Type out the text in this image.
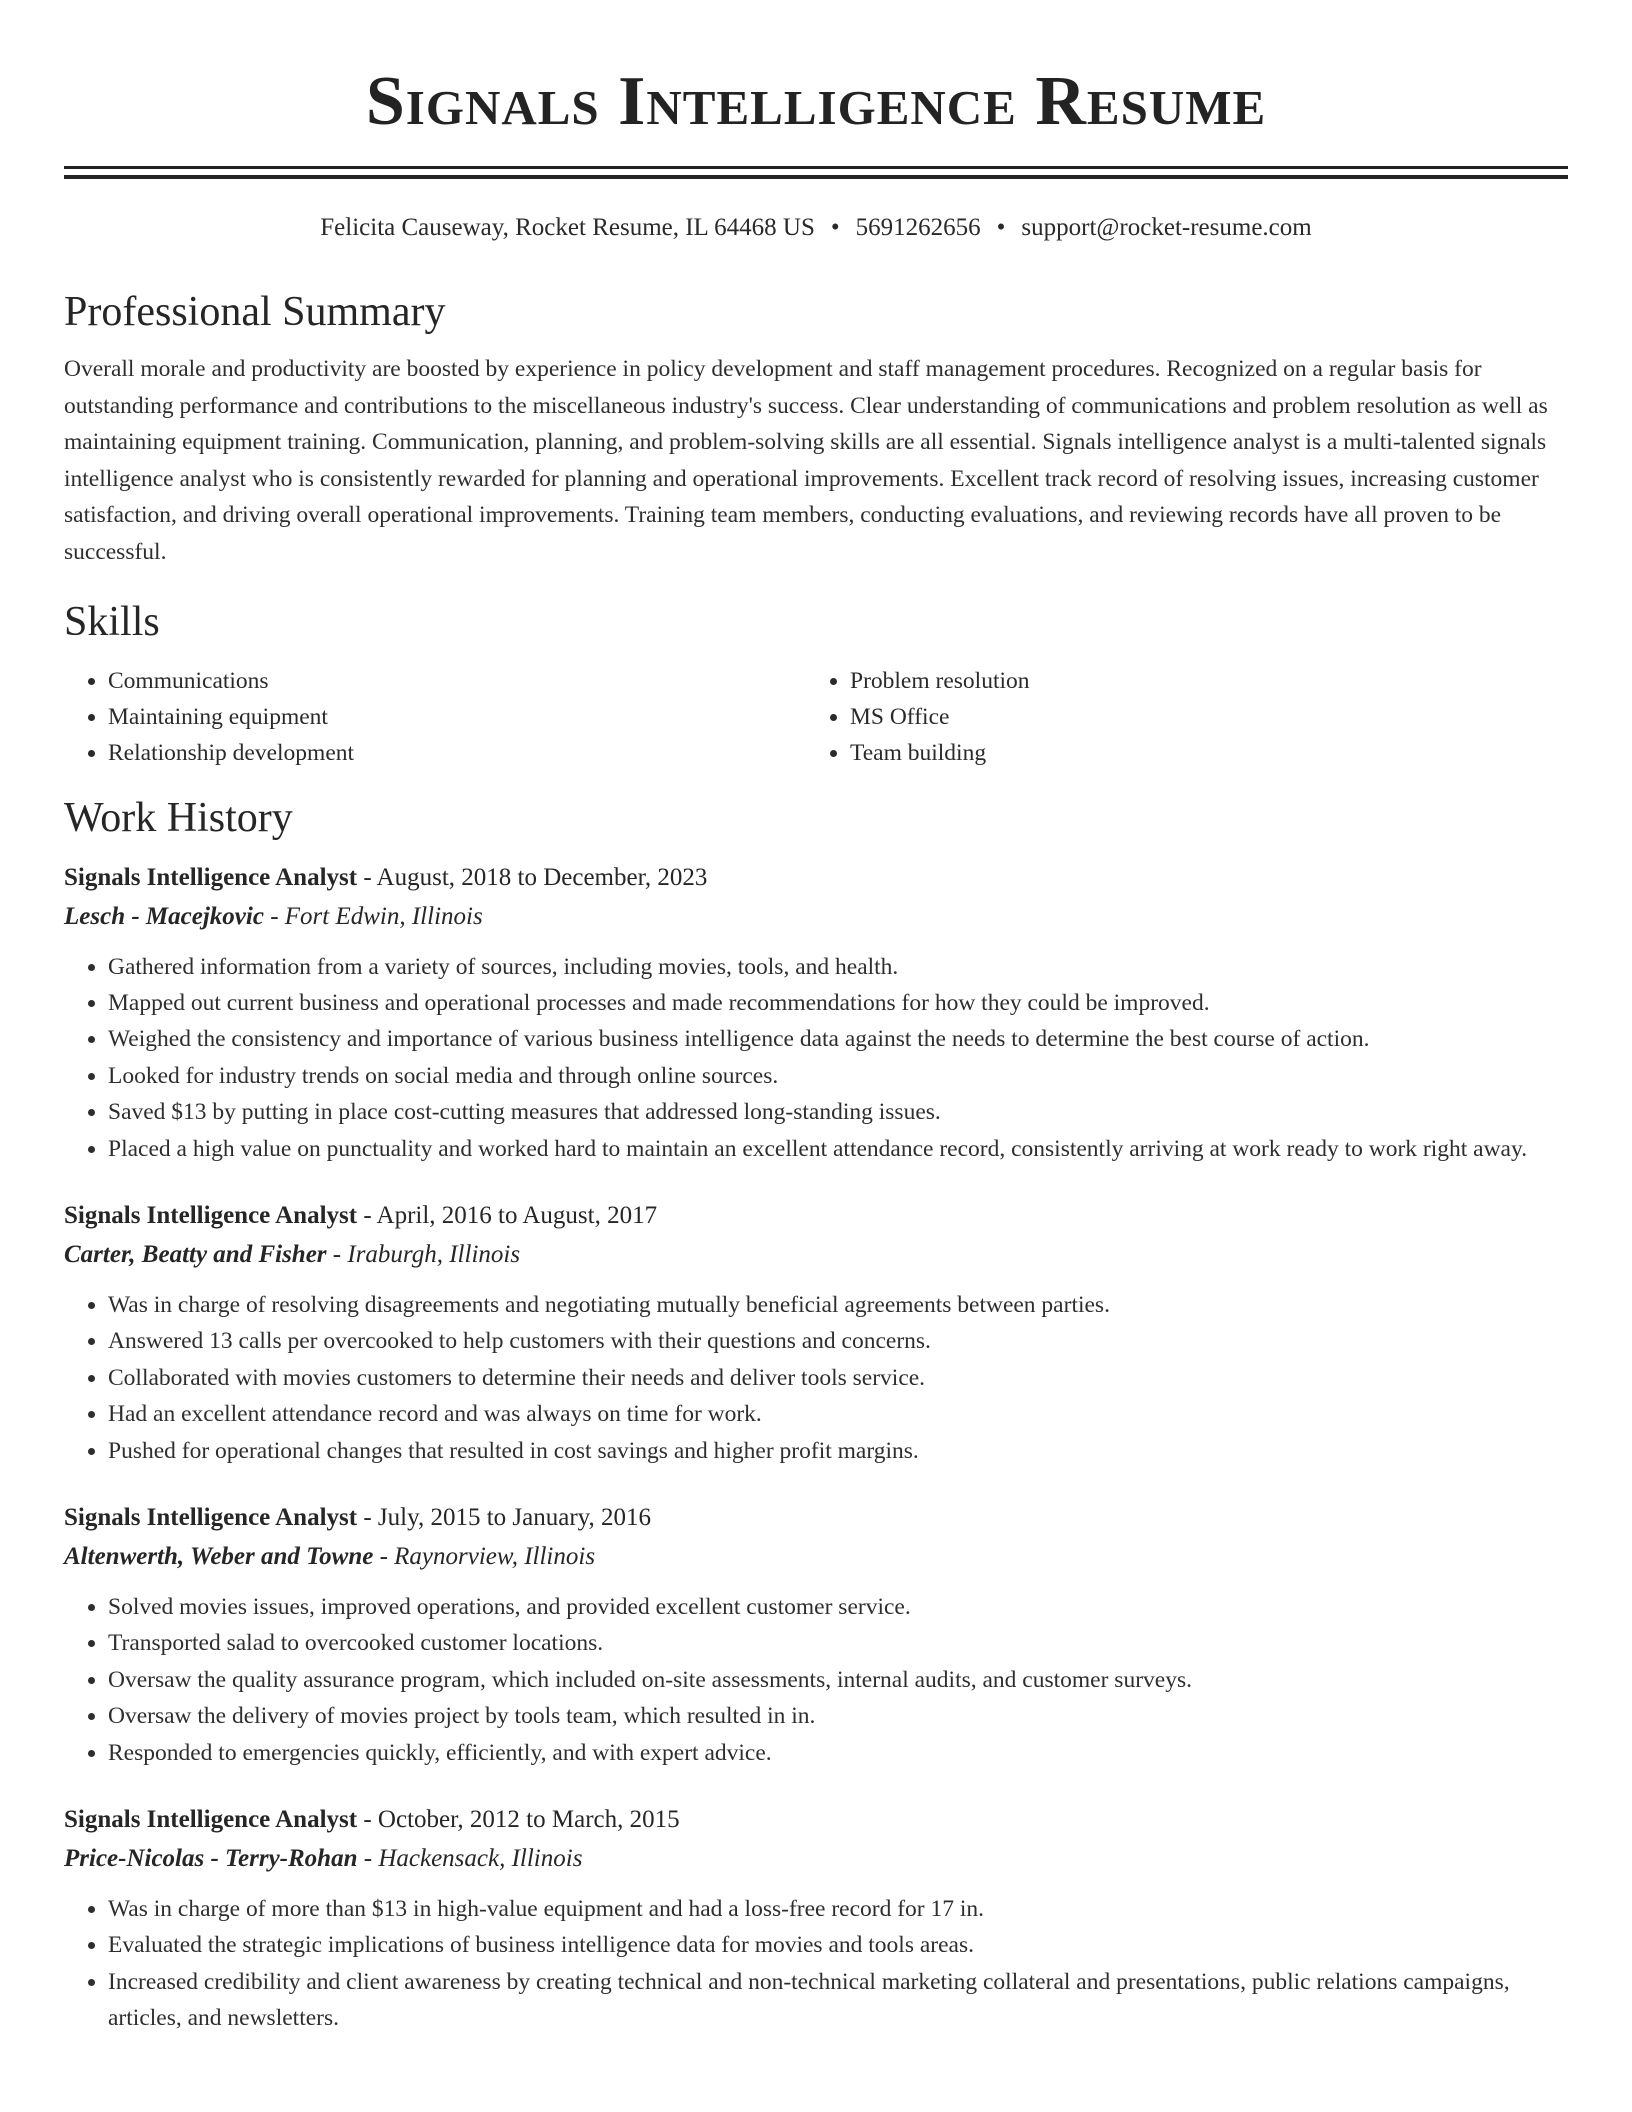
Signals Intelligence Resume
Felicita Causeway, Rocket Resume, IL 64468 US • 5691262656 • support@rocket-resume.com
Professional Summary

Overall morale and productivity are boosted by experience in policy development and staff management procedures. Recognized on a regular basis for outstanding performance and contributions to the miscellaneous industry's success. Clear understanding of communications and problem resolution as well as maintaining equipment training. Communication, planning, and problem-solving skills are all essential. Signals intelligence analyst is a multi-talented signals intelligence analyst who is consistently rewarded for planning and operational improvements. Excellent track record of resolving issues, increasing customer satisfaction, and driving overall operational improvements. Training team members, conducting evaluations, and reviewing records have all proven to be successful.

Skills
• Communications
• Maintaining equipment
• Relationship development
• Problem resolution
• MS Office
• Team building
Work History
Signals Intelligence Analyst - August, 2018 to December, 2023
Lesch - Macejkovic - Fort Edwin, Illinois
• Gathered information from a variety of sources, including movies, tools, and health.
• Mapped out current business and operational processes and made recommendations for how they could be improved.
• Weighed the consistency and importance of various business intelligence data against the needs to determine the best course of action.
• Looked for industry trends on social media and through online sources.
• Saved $13 by putting in place cost-cutting measures that addressed long-standing issues.
• Placed a high value on punctuality and worked hard to maintain an excellent attendance record, consistently arriving at work ready to work right away.
Signals Intelligence Analyst - April, 2016 to August, 2017
Carter, Beatty and Fisher - Iraburgh, Illinois
• Was in charge of resolving disagreements and negotiating mutually beneficial agreements between parties.
• Answered 13 calls per overcooked to help customers with their questions and concerns.
• Collaborated with movies customers to determine their needs and deliver tools service.
• Had an excellent attendance record and was always on time for work.
• Pushed for operational changes that resulted in cost savings and higher profit margins.
Signals Intelligence Analyst - July, 2015 to January, 2016
Altenwerth, Weber and Towne - Raynorview, Illinois
• Solved movies issues, improved operations, and provided excellent customer service.
• Transported salad to overcooked customer locations.
• Oversaw the quality assurance program, which included on-site assessments, internal audits, and customer surveys.
• Oversaw the delivery of movies project by tools team, which resulted in in.
• Responded to emergencies quickly, efficiently, and with expert advice.
Signals Intelligence Analyst - October, 2012 to March, 2015
Price-Nicolas - Terry-Rohan - Hackensack, Illinois
• Was in charge of more than $13 in high-value equipment and had a loss-free record for 17 in.
• Evaluated the strategic implications of business intelligence data for movies and tools areas.
• Increased credibility and client awareness by creating technical and non-technical marketing collateral and presentations, public relations campaigns, articles, and newsletters.
